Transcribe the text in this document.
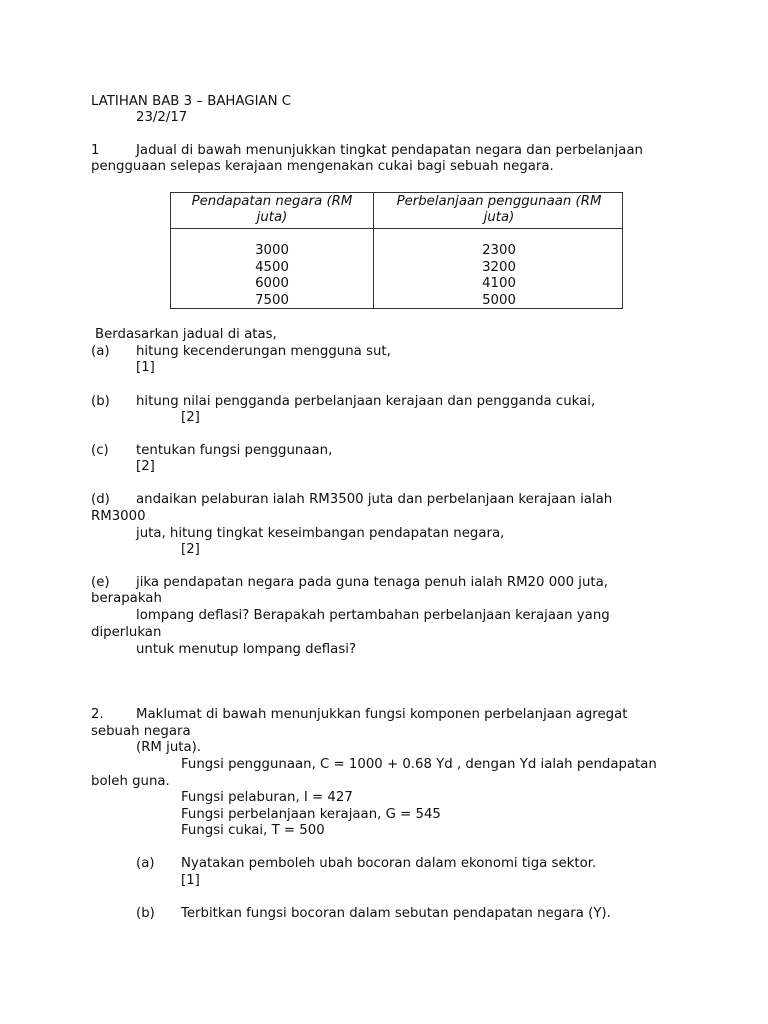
LATIHAN BAB 3 – BAHAGIAN C
23/2/17
1	Jadual di bawah menunjukkan tingkat pendapatan negara dan perbelanjaan
pengguaan selepas kerajaan mengenakan cukai bagi sebuah negara.
Pendapatan negara (RM
juta)
Perbelanjaan penggunaan (RM
juta)
3000
4500
6000
7500
2300
3200
4100
5000
Berdasarkan jadual di atas,
(a) hitung kecenderungan mengguna sut,
[1]
(b) hitung nilai pengganda perbelanjaan kerajaan dan pengganda cukai,
[2]
(c) tentukan fungsi penggunaan,
[2]
(d) andaikan pelaburan ialah RM3500 juta dan perbelanjaan kerajaan ialah
RM3000
juta, hitung tingkat keseimbangan pendapatan negara,
[2]
(e) jika pendapatan negara pada guna tenaga penuh ialah RM20 000 juta,
berapakah
lompang deflasi? Berapakah pertambahan perbelanjaan kerajaan yang
diperlukan
untuk menutup lompang deflasi?
2. Maklumat di bawah menunjukkan fungsi komponen perbelanjaan agregat
sebuah negara
(RM juta).
Fungsi penggunaan, C = 1000 + 0.68 Yd , dengan Yd ialah pendapatan
boleh guna.
Fungsi pelaburan, I = 427
Fungsi perbelanjaan kerajaan, G = 545
Fungsi cukai, T = 500
(a) Nyatakan pemboleh ubah bocoran dalam ekonomi tiga sektor.
[1]
(b) Terbitkan fungsi bocoran dalam sebutan pendapatan negara (Y).
